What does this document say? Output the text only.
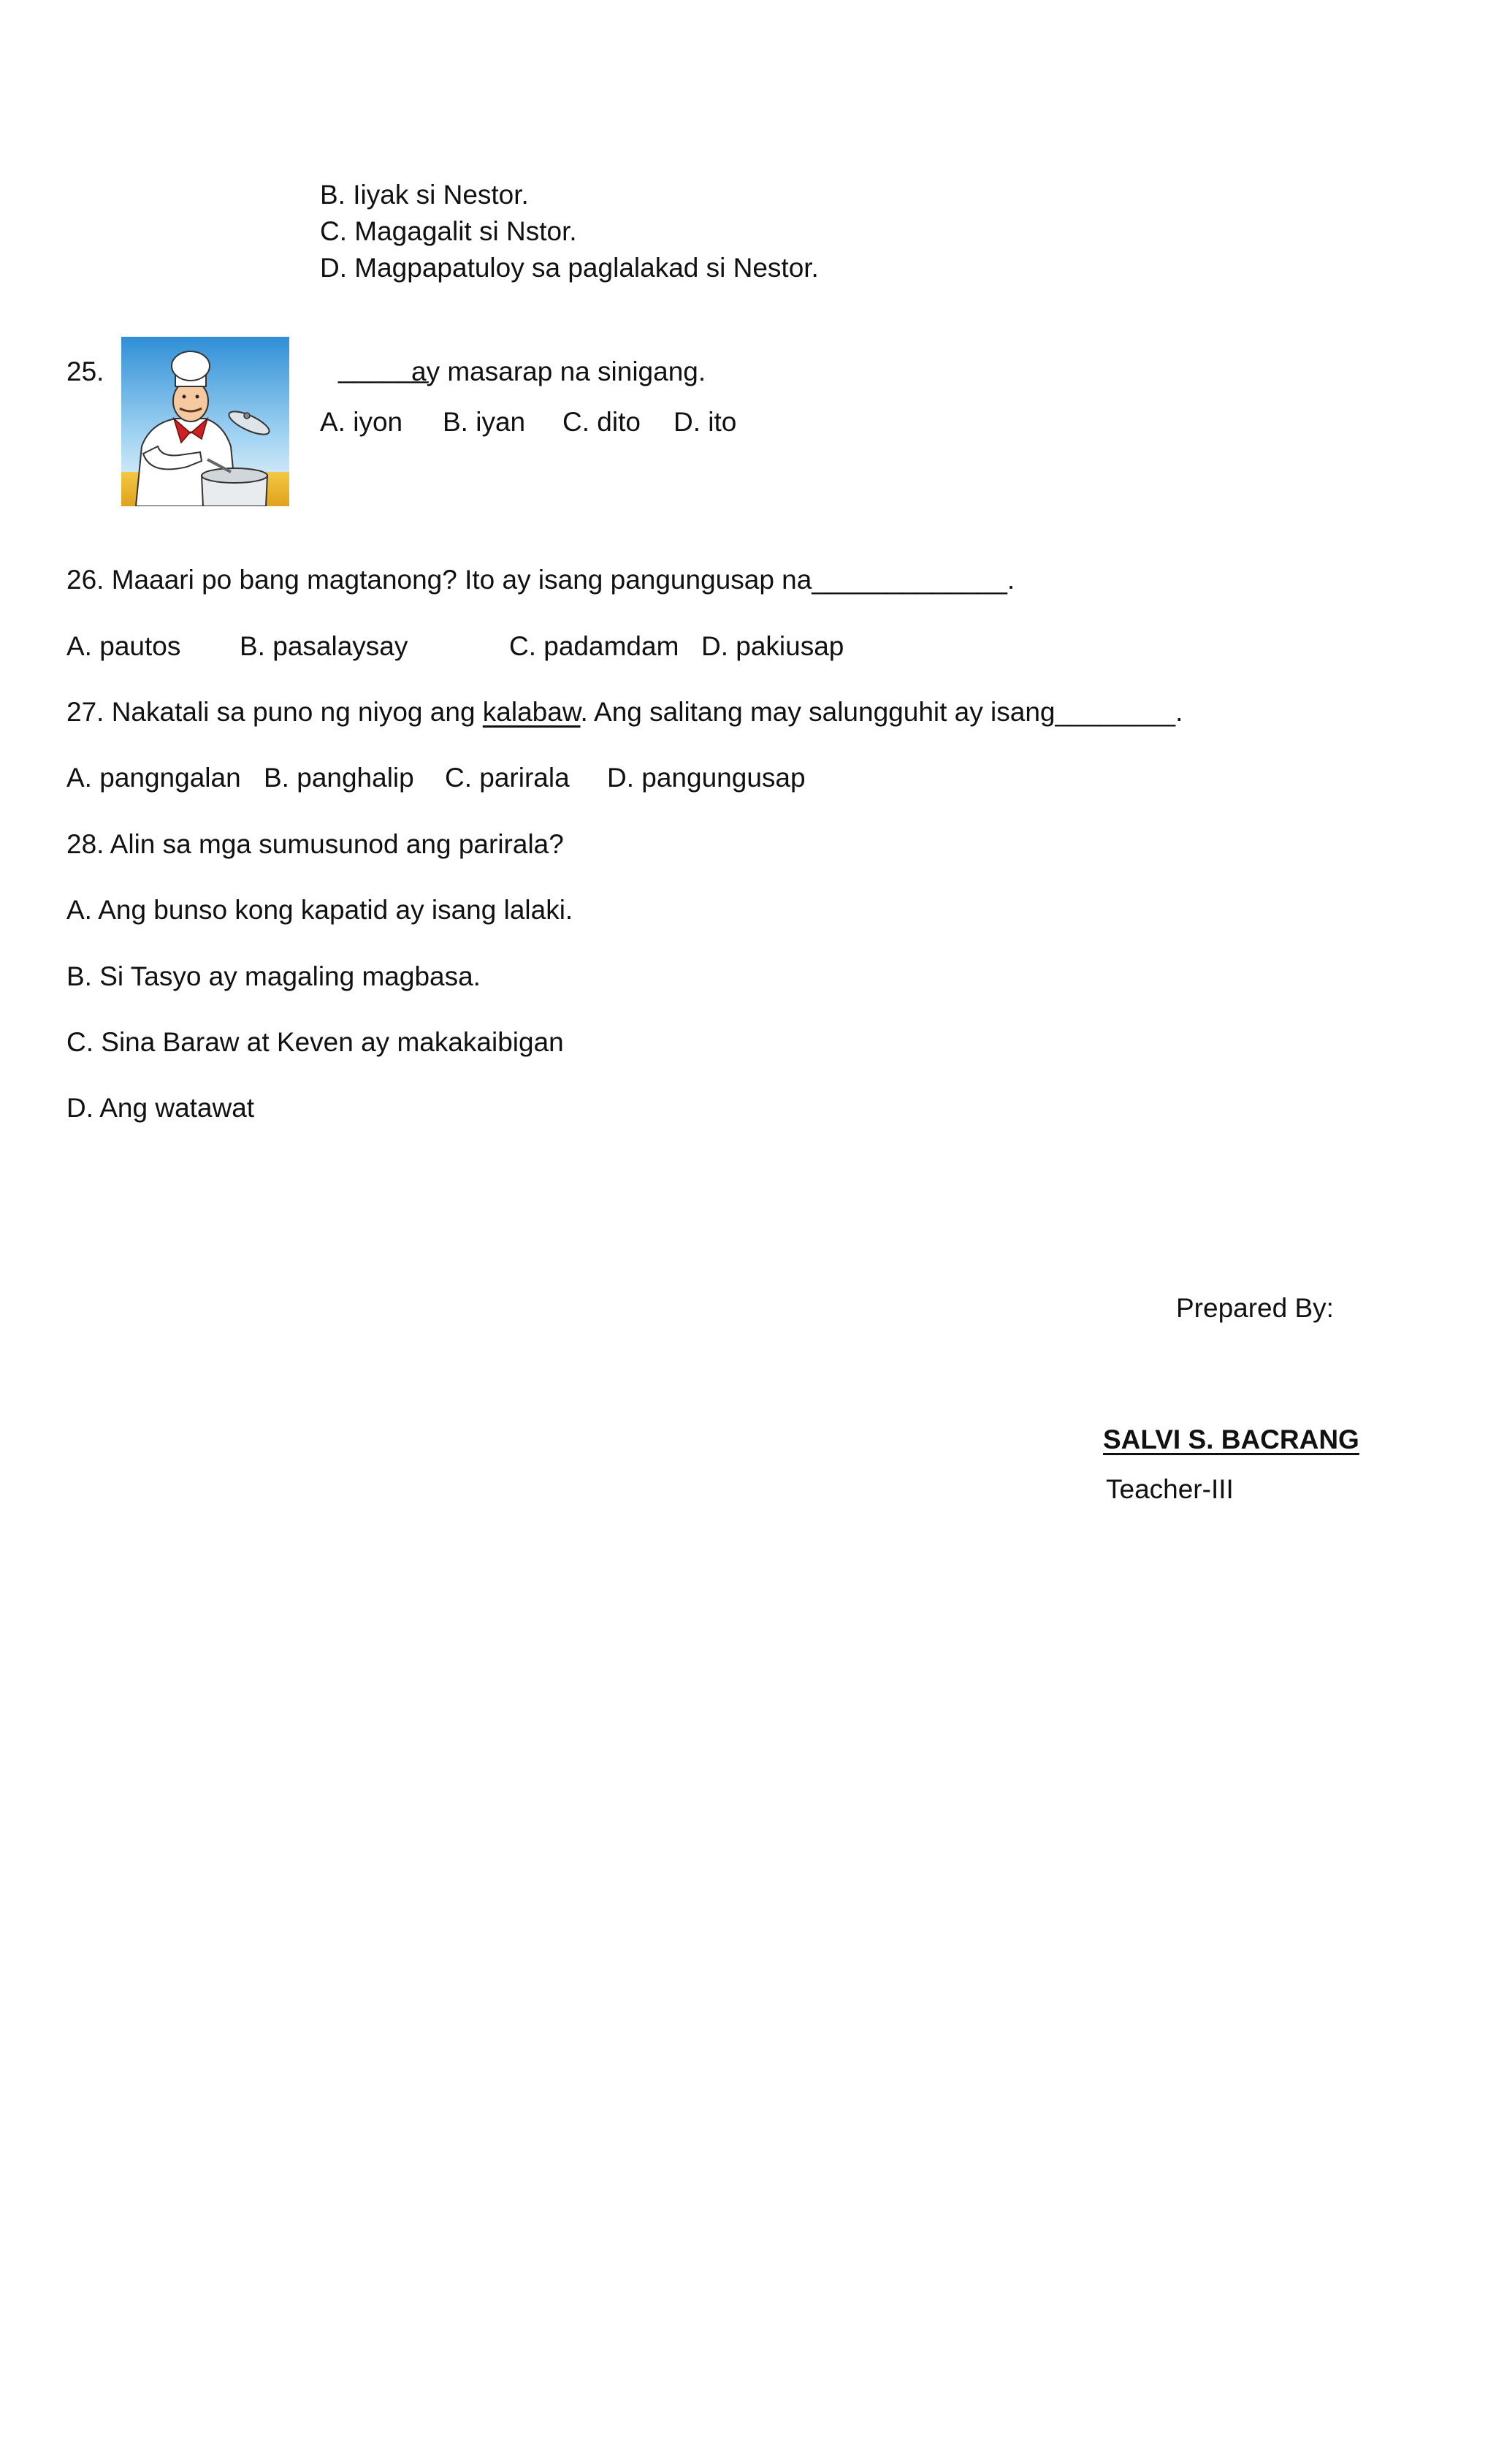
B. Iiyak si Nestor.
C. Magagalit si Nstor.
D. Magpapatuloy sa paglalakad si Nestor.
25.	______
ay masarap na sinigang.
A. iyon B. iyan C. dito D. ito
26. Maaari po bang magtanong? Ito ay isang pangungusap na_____________.
A. pautos B. pasalaysay	C. padamdam D. pakiusap
27. Nakatali sa puno ng niyog ang kalabaw. Ang salitang may salungguhit ay isang________.
A. pangngalan B. panghalip C. parirala D. pangungusap
28. Alin sa mga sumusunod ang parirala?
A. Ang bunso kong kapatid ay isang lalaki.
B. Si Tasyo ay magaling magbasa.
C. Sina Baraw at Keven ay makakaibigan
D. Ang watawat
Prepared By:
SALVI S. BACRANG
Teacher-III
